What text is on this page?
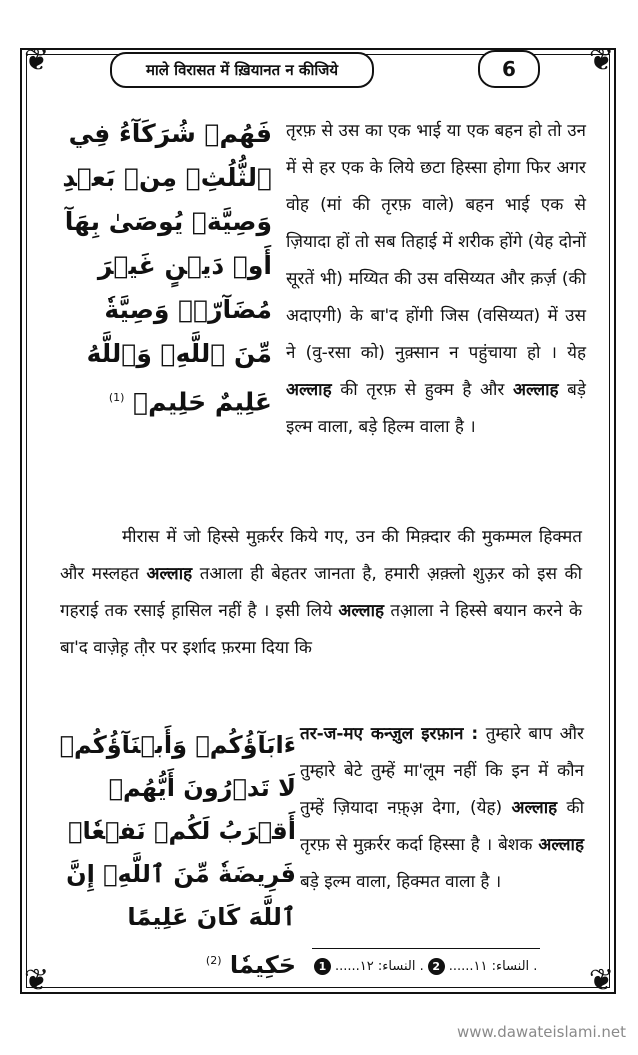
❦	❦
❦	❦
माले विरासत में ख़ियानत न कीजिये	6
فَهُمۡ شُرَكَآءُ فِي ٱلثُّلُثِۚ مِنۢ بَعۡدِ وَصِيَّةٖ يُوصَىٰ بِهَآ أَوۡ دَيۡنٍ غَيۡرَ مُضَآرّٖۚ وَصِيَّةٗ مِّنَ ٱللَّهِۗ وَٱللَّهُ عَلِيمٌ حَلِيمٞ $^{(1)}$
तृरफ़ से उस का एक भाई या एक बहन हो तो उन में से हर एक के लिये छटा हिस्सा होगा फिर अगर वोह (मां की तृरफ़ वाले) बहन भाई एक से ज़ियादा हों तो सब तिहाई में शरीक होंगे (येह दोनों सूरतें भी) मय्यित की उस वसिय्यत और क़र्ज़ (की अदाएगी) के बा'द होंगी जिस (वसिय्यत) में उस ने (वु-रसा को) नुक़्सान न पहुंचाया हो । येह अल्लाह की तृरफ़ से हुक्म है और अल्लाह बड़े इल्म वाला, बड़े हिल्म वाला है ।
मीरास में जो हिस्से मुक़र्रर किये गए, उन की मिक़्दार की मुकम्मल हिक्मत और मस्लहत अल्लाह तआला ही बेहतर जानता है, हमारी अ़क़्लो शुऊ़र को इस की गहराई तक रसाई ह़ासिल नहीं है । इसी लिये अल्लाह तआ़ला ने हिस्से बयान करने के बा'द वाज़ेह़ तौ़र पर इर्शाद फ़रमा दिया कि
ءَابَآؤُكُمۡ وَأَبۡنَآؤُكُمۡ لَا تَدۡرُونَ أَيُّهُمۡ أَقۡرَبُ لَكُمۡ نَفۡعٗاۚ فَرِيضَةٗ مِّنَ ٱللَّهِۗ إِنَّ ٱللَّهَ كَانَ عَلِيمًا حَكِيمٗا $^{(2)}$
तर-ज-मए कन्ज़ुल इरफ़ान : तुम्हारे बाप और तुम्हारे बेटे तुम्हें मा'लूम नहीं कि इन में कौन तुम्हें ज़ियादा नफ़्अ़ देगा, (येह) अल्लाह की तृरफ़ से मुक़र्रर कर्दा हिस्सा है । बेशक अल्लाह बड़े इल्म वाला, हिक्मत वाला है ।
1 ......النساء: ١٢ . 2 ......النساء: ١١ .
www.dawateislami.net
